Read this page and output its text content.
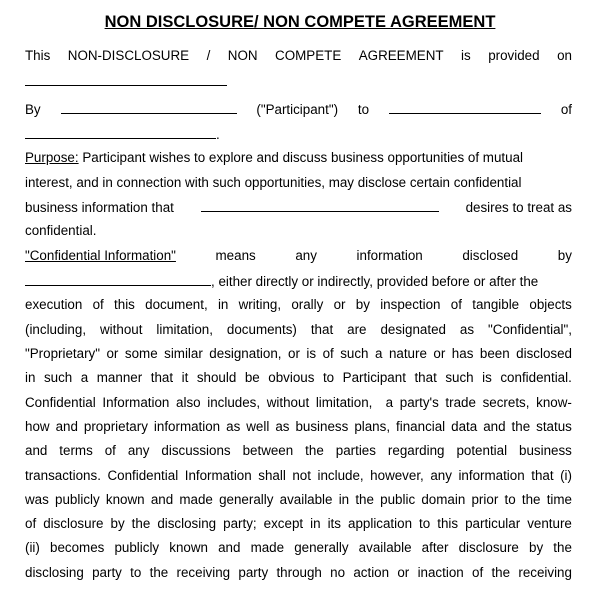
NON DISCLOSURE/ NON COMPETE AGREEMENT
This NON-DISCLOSURE / NON COMPETE AGREEMENT is provided on
By	("Participant") to	of
.
Purpose: Participant wishes to explore and discuss business opportunities of mutual
interest, and in connection with such opportunities, may disclose certain confidential
business information that	desires to treat as
confidential.
"Confidential Information"	means	any	information	disclosed	by
, either directly or indirectly, provided before or after the
execution of this document, in writing, orally or by inspection of tangible objects
(including, without limitation, documents) that are designated as "Confidential",
"Proprietary" or some similar designation, or is of such a nature or has been disclosed
in such a manner that it should be obvious to Participant that such is confidential.
Confidential Information also includes, without limitation, a party's trade secrets, know-
how and proprietary information as well as business plans, financial data and the status
and terms of any discussions between the parties regarding potential business
transactions. Confidential Information shall not include, however, any information that (i)
was publicly known and made generally available in the public domain prior to the time
of disclosure by the disclosing party; except in its application to this particular venture
(ii) becomes publicly known and made generally available after disclosure by the
disclosing party to the receiving party through no action or inaction of the receiving
